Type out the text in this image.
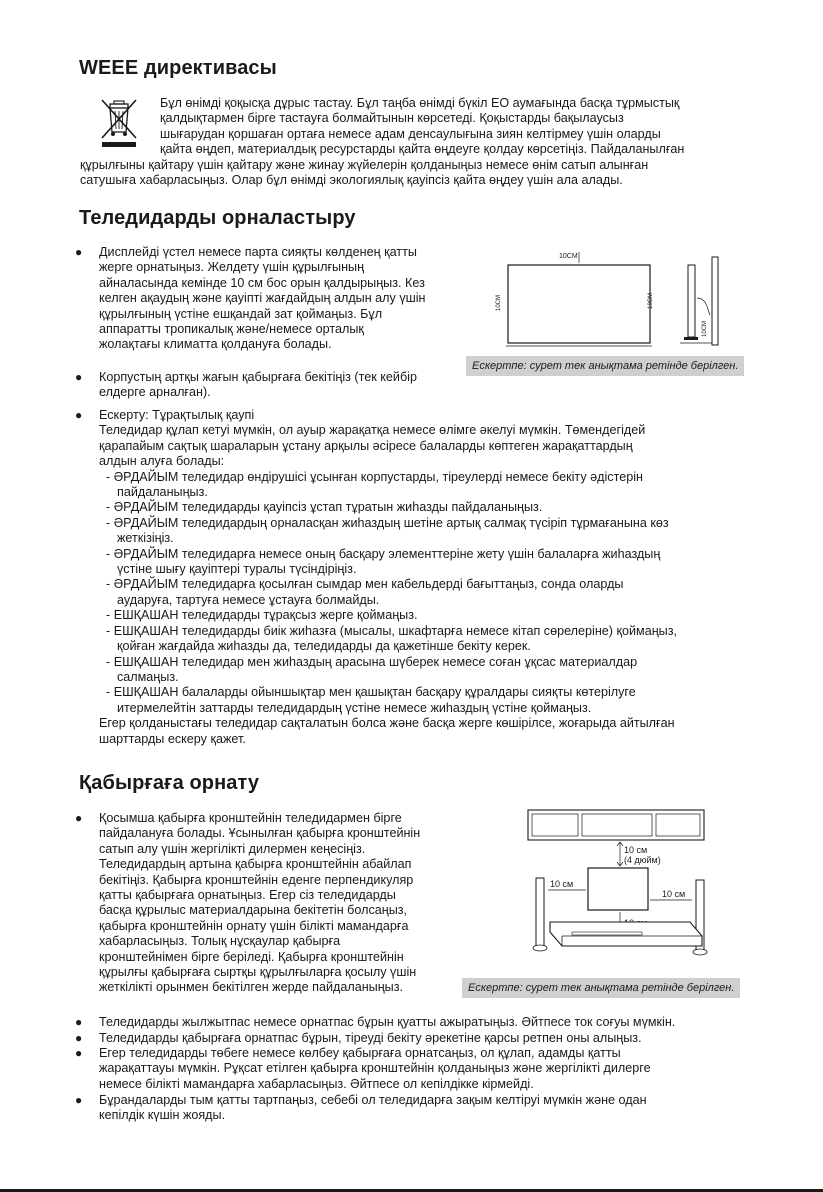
WEEE директивасы
Бұл өнімді қоқысқа дұрыс тастау. Бұл таңба өнімді бүкіл ЕО аумағында басқа тұрмыстық
қалдықтармен бірге тастауға болмайтынын көрсетеді. Қоқыстарды бақылаусыз
шығарудан қоршаған ортаға немесе адам денсаулығына зиян келтірмеу үшін оларды
қайта өңдеп, материалдық ресурстарды қайта өңдеуге қолдау көрсетіңіз. Пайдаланылған
құрылғыны қайтару үшін қайтару және жинау жүйелерін қолданыңыз немесе өнім сатып алынған
сатушыға хабарласыңыз. Олар бұл өнімді экологиялық қауіпсіз қайта өңдеу үшін ала алады.
Теледидарды орналастыру
● Дисплейді үстел немесе парта сияқты көлденең қатты
жерге орнатыңыз. Желдету үшін құрылғының
айналасында кемінде 10 см бос орын қалдырыңыз. Кез
келген ақаудың және қауіпті жағдайдың алдын алу үшін
құрылғының үстіне ешқандай зат қоймаңыз. Бұл
аппаратты тропикалық және/немесе орталық
жолақтағы климатта қолдануға болады.
10CM
10CM	10CM
10CM
Ескертпе: сурет тек анықтама ретінде берілген.
● Корпустың артқы жағын қабырғаға бекітіңіз (тек кейбір
елдерге арналған).
● Ескерту: Тұрақтылық қаупі
Теледидар құлап кетуі мүмкін, ол ауыр жарақатқа немесе өлімге әкелуі мүмкін. Төмендегідей
қарапайым сақтық шараларын ұстану арқылы әсіресе балаларды көптеген жарақаттардың
алдын алуға болады:
- ӘРДАЙЫМ теледидар өндірушісі ұсынған корпустарды, тіреулерді немесе бекіту әдістерін
пайдаланыңыз.
- ӘРДАЙЫМ теледидарды қауіпсіз ұстап тұратын жиһазды пайдаланыңыз.
- ӘРДАЙЫМ теледидардың орналасқан жиһаздың шетіне артық салмақ түсіріп тұрмағанына көз
жеткізіңіз.
- ӘРДАЙЫМ теледидарға немесе оның басқару элементтеріне жету үшін балаларға жиһаздың
үстіне шығу қауіптері туралы түсіндіріңіз.
- ӘРДАЙЫМ теледидарға қосылған сымдар мен кабельдерді бағыттаңыз, сонда оларды
аударуға, тартуға немесе ұстауға болмайды.
- ЕШҚАШАН теледидарды тұрақсыз жерге қоймаңыз.
- ЕШҚАШАН теледидарды биік жиһазға (мысалы, шкафтарға немесе кітап сөрелеріне) қоймаңыз,
қойған жағдайда жиһазды да, теледидарды да қажетінше бекіту керек.
- ЕШҚАШАН теледидар мен жиһаздың арасына шүберек немесе соған ұқсас материалдар
салмаңыз.
- ЕШҚАШАН балаларды ойыншықтар мен қашықтан басқару құралдары сияқты көтерілуге
итермелейтін заттарды теледидардың үстіне немесе жиһаздың үстіне қоймаңыз.
Егер қолданыстағы теледидар сақталатын болса және басқа жерге көшірілсе, жоғарыда айтылған
шарттарды ескеру қажет.
Қабырғаға орнату
● Қосымша қабырға кронштейнін теледидармен бірге
пайдалануға болады. Ұсынылған қабырға кронштейнін
сатып алу үшін жергілікті дилермен кеңесіңіз.
Теледидардың артына қабырға кронштейнін абайлап
бекітіңіз. Қабырға кронштейнін еденге перпендикуляр
қатты қабырғаға орнатыңыз. Егер сіз теледидарды
басқа құрылыс материалдарына бекітетін болсаңыз,
қабырға кронштейнін орнату үшін білікті мамандарға
хабарласыңыз. Толық нұсқаулар қабырға
кронштейнімен бірге беріледі. Қабырға кронштейнін
құрылғы қабырғаға сыртқы құрылғыларға қосылу үшін
жеткілікті орынмен бекітілген жерде пайдаланыңыз.
10 см
(4 дюйм)
10 см
10 см
Ескертпе: сурет тек анықтама ретінде берілген.
● Теледидарды жылжытпас немесе орнатпас бұрын қуатты ажыратыңыз. Әйтпесе ток соғуы мүмкін.
● Теледидарды қабырғаға орнатпас бұрын, тіреуді бекіту әрекетіне қарсы ретпен оны алыңыз.
● Егер теледидарды төбеге немесе көлбеу қабырғаға орнатсаңыз, ол құлап, адамды қатты
жарақаттауы мүмкін. Рұқсат етілген қабырға кронштейнін қолданыңыз және жергілікті дилерге
немесе білікті мамандарға хабарласыңыз. Әйтпесе ол кепілдікке кірмейді.
● Бұрандаларды тым қатты тартпаңыз, себебі ол теледидарға зақым келтіруі мүмкін және одан
кепілдік күшін жояды.
